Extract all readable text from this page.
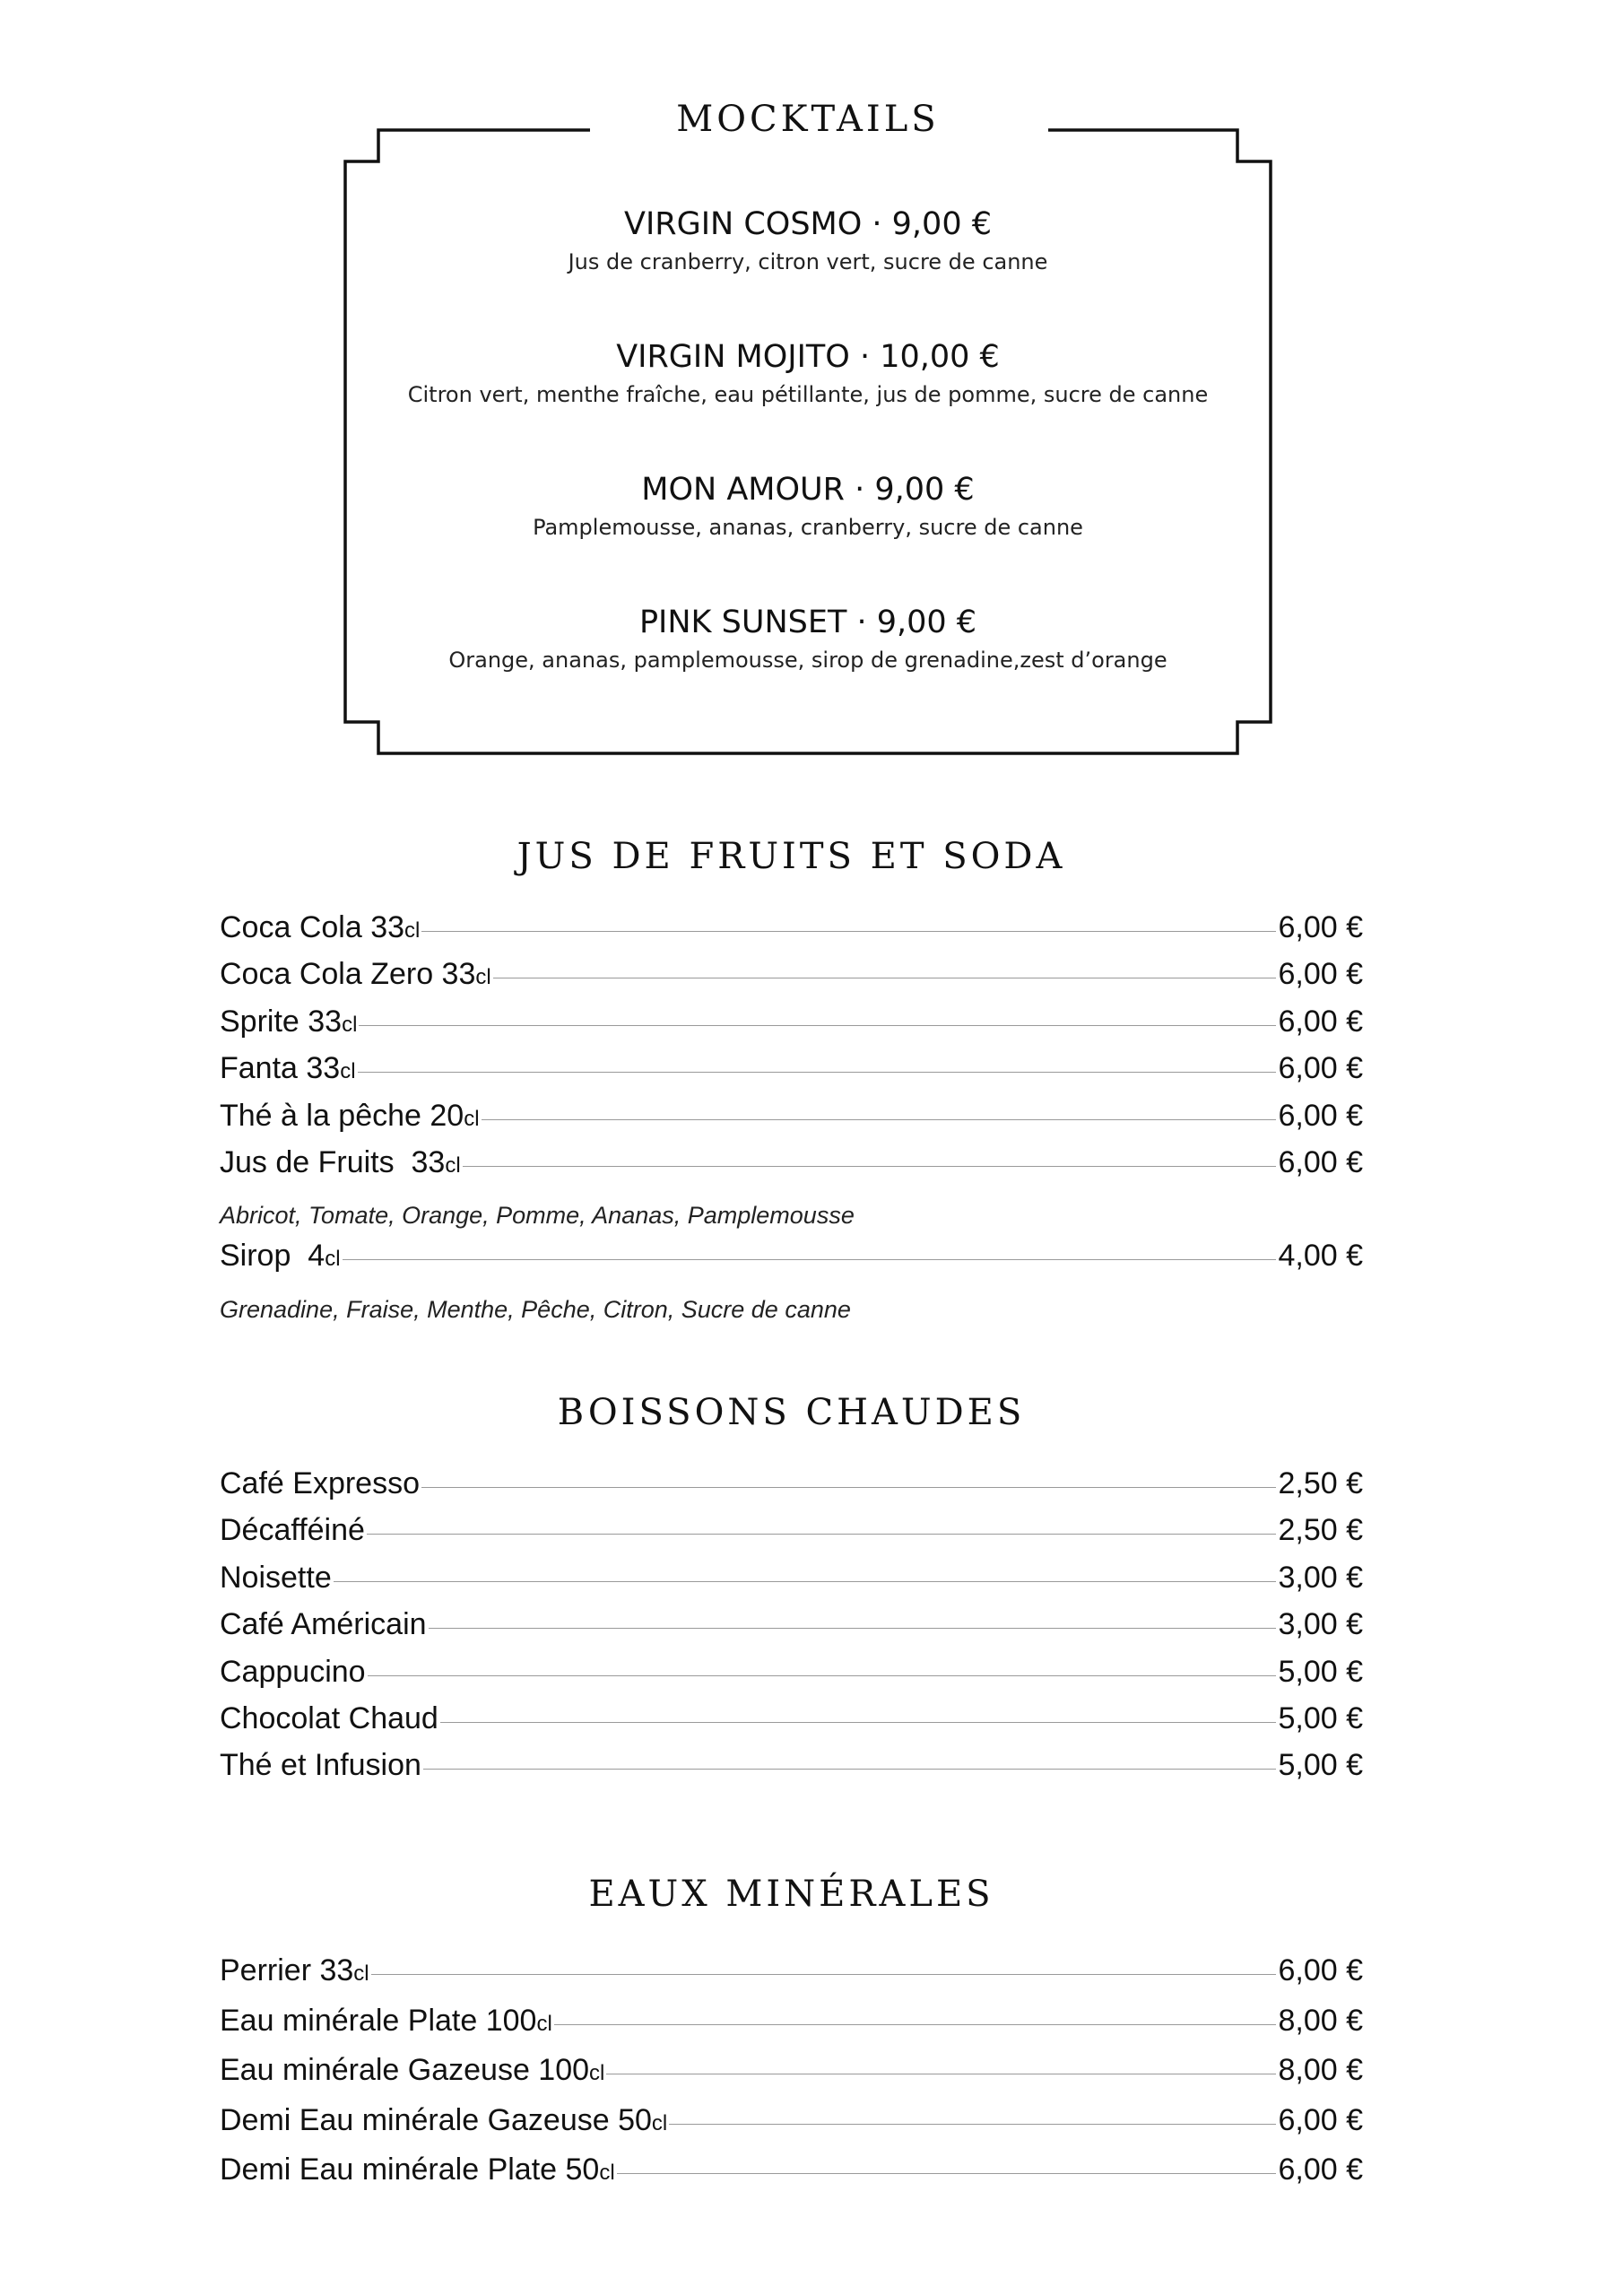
MOCKTAILS
VIRGIN COSMO · 9,00 €
Jus de cranberry, citron vert, sucre de canne
VIRGIN MOJITO · 10,00 €
Citron vert, menthe fraîche, eau pétillante, jus de pomme, sucre de canne
MON AMOUR · 9,00 €
Pamplemousse, ananas, cranberry, sucre de canne
PINK SUNSET · 9,00 €
Orange, ananas, pamplemousse, sirop de grenadine,zest d’orange
JUS DE FRUITS ET SODA
Coca Cola 33cl	6,00 €
Coca Cola Zero 33cl	6,00 €
Sprite 33cl	6,00 €
Fanta 33cl	6,00 €
Thé à la pêche 20cl	6,00 €
Jus de Fruits  33cl	6,00 €
Abricot, Tomate, Orange, Pomme, Ananas, Pamplemousse
Sirop  4cl	4,00 €
Grenadine, Fraise, Menthe, Pêche, Citron, Sucre de canne
BOISSONS CHAUDES
Café Expresso	2,50 €
Décafféiné	2,50 €
Noisette	3,00 €
Café Américain	3,00 €
Cappucino	5,00 €
Chocolat Chaud	5,00 €
Thé et Infusion	5,00 €
EAUX MINÉRALES
Perrier 33cl	6,00 €
Eau minérale Plate 100cl	8,00 €
Eau minérale Gazeuse 100cl	8,00 €
Demi Eau minérale Gazeuse 50cl	6,00 €
Demi Eau minérale Plate 50cl	6,00 €
